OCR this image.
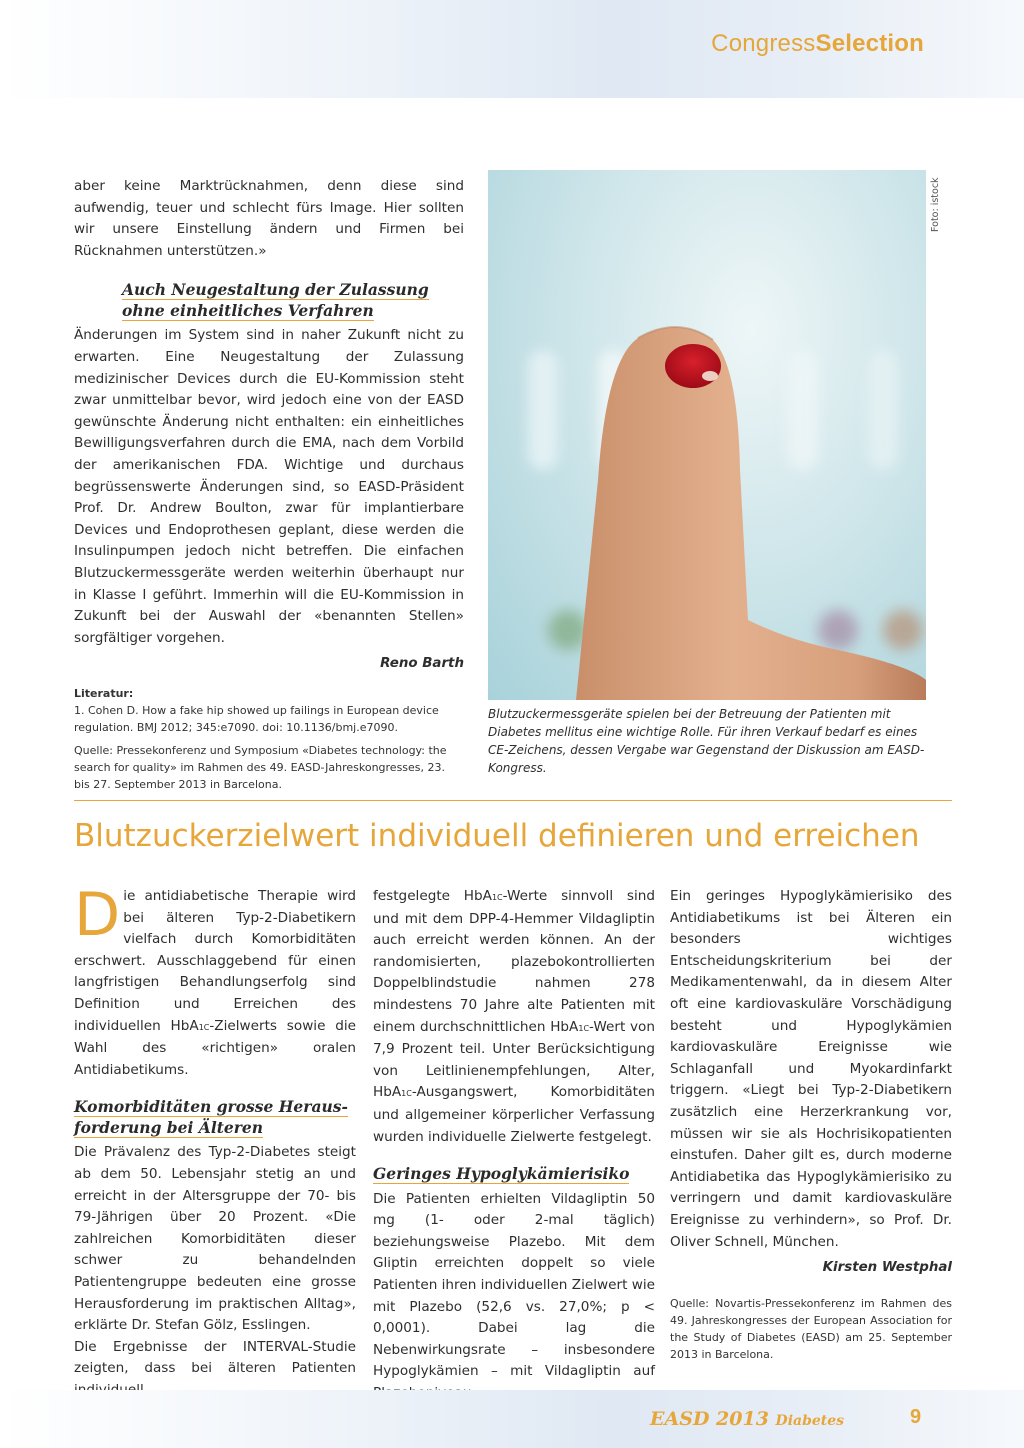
CongressSelection

aber keine Marktrücknahmen, denn diese sind aufwendig, teuer und schlecht fürs Image. Hier sollten wir unsere Einstellung ändern und Firmen bei Rücknahmen unterstützen.»

Auch Neugestaltung der Zulassung
ohne einheitliches Verfahren

Änderungen im System sind in naher Zukunft nicht zu erwarten. Eine Neugestaltung der Zulassung medizinischer Devices durch die EU-Kommission steht zwar unmittelbar bevor, wird jedoch eine von der EASD gewünschte Änderung nicht enthalten: ein einheitliches Bewilligungsverfahren durch die EMA, nach dem Vorbild der amerikanischen FDA. Wichtige und durchaus begrüssenswerte Änderungen sind, so EASD-Präsident Prof. Dr. Andrew Boulton, zwar für implantierbare Devices und Endoprothesen geplant, diese werden die Insulinpumpen jedoch nicht betreffen. Die einfachen Blutzuckermessgeräte werden weiterhin überhaupt nur in Klasse I geführt. Immerhin will die EU-Kommission in Zukunft bei der Auswahl der «benannten Stellen» sorgfältiger vorgehen.

Reno Barth
Literatur:
1. Cohen D. How a fake hip showed up failings in European device regulation. BMJ 2012; 345:e7090. doi: 10.1136/bmj.e7090.
Quelle: Pressekonferenz und Symposium «Diabetes technology: the search for quality» im Rahmen des 49. EASD-Jahreskongresses, 23. bis 27. September 2013 in Barcelona.
Foto: istock
Blutzuckermessgeräte spielen bei der Betreuung der Patienten mit Diabetes mellitus eine wichtige Rolle. Für ihren Verkauf bedarf es eines CE-Zeichens, dessen Vergabe war Gegenstand der Diskussion am EASD-Kongress.
Blutzuckerzielwert individuell definieren und erreichen

Die antidiabetische Therapie wird bei älteren Typ-2-Diabetikern vielfach durch Komorbiditäten erschwert. Ausschlaggebend für einen langfristigen Behandlungserfolg sind Definition und Erreichen des individuellen HbA1C-Zielwerts sowie die Wahl des «richtigen» oralen Antidiabetikums.

Komorbiditäten grosse Heraus-
forderung bei Älteren

Die Prävalenz des Typ-2-Diabetes steigt ab dem 50. Lebensjahr stetig an und erreicht in der Altersgruppe der 70- bis 79-Jährigen über 20 Prozent. «Die zahlreichen Komorbiditäten dieser schwer zu behandelnden Patientengruppe bedeuten eine grosse Herausforderung im praktischen Alltag», erklärte Dr. Stefan Gölz, Esslingen.

Die Ergebnisse der INTERVAL-Studie zeigten, dass bei älteren Patienten

festgelegte HbA1C-Werte sinnvoll sind und mit dem DPP-4-Hemmer Vildagliptin auch erreicht werden können. An der randomisierten, plazebokontrollierten Doppelblindstudie nahmen 278 mindestens 70 Jahre alte Patienten mit einem durchschnittlichen HbA1C-Wert von 7,9 Prozent teil. Unter Berücksichtigung von Leitlinienempfehlungen, Alter, HbA1C-Ausgangswert, Komorbiditäten und allgemeiner körperlicher Verfassung wurden individuelle Zielwerte festgelegt.

Geringes Hypoglykämierisiko

Die Patienten erhielten Vildagliptin 50 mg (1- oder 2-mal täglich) beziehungsweise Plazebo. Mit dem Gliptin erreichten doppelt so viele Patienten ihren individuellen Zielwert wie mit Plazebo (52,6 vs. 27,0%; p < 0,0001). Dabei lag die Nebenwirkungsrate – insbesondere Hypoglykämien – mit Vildagliptin auf

Ein geringes Hypoglykämierisiko des Antidiabetikums ist bei Älteren ein besonders wichtiges Entscheidungskriterium bei der Medikamentenwahl, da in diesem Alter oft eine kardiovaskuläre Vorschädigung besteht und Hypoglykämien kardiovaskuläre Ereignisse wie Schlaganfall und Myokardinfarkt triggern. «Liegt bei Typ-2-Diabetikern zusätzlich eine Herzerkrankung vor, müssen wir sie als Hochrisikopatienten einstufen. Daher gilt es, durch moderne Antidiabetika das Hypoglykämierisiko zu verringern und damit kardiovaskuläre Ereignisse zu verhindern», so Prof. Dr. Oliver Schnell, München.

Kirsten Westphal
Quelle: Novartis-Pressekonferenz im Rahmen des 49. Jahreskongresses der European Association for the Study of Diabetes (EASD) am 25. September 2013 in Barcelona.
EASD 2013 Diabetes	9
